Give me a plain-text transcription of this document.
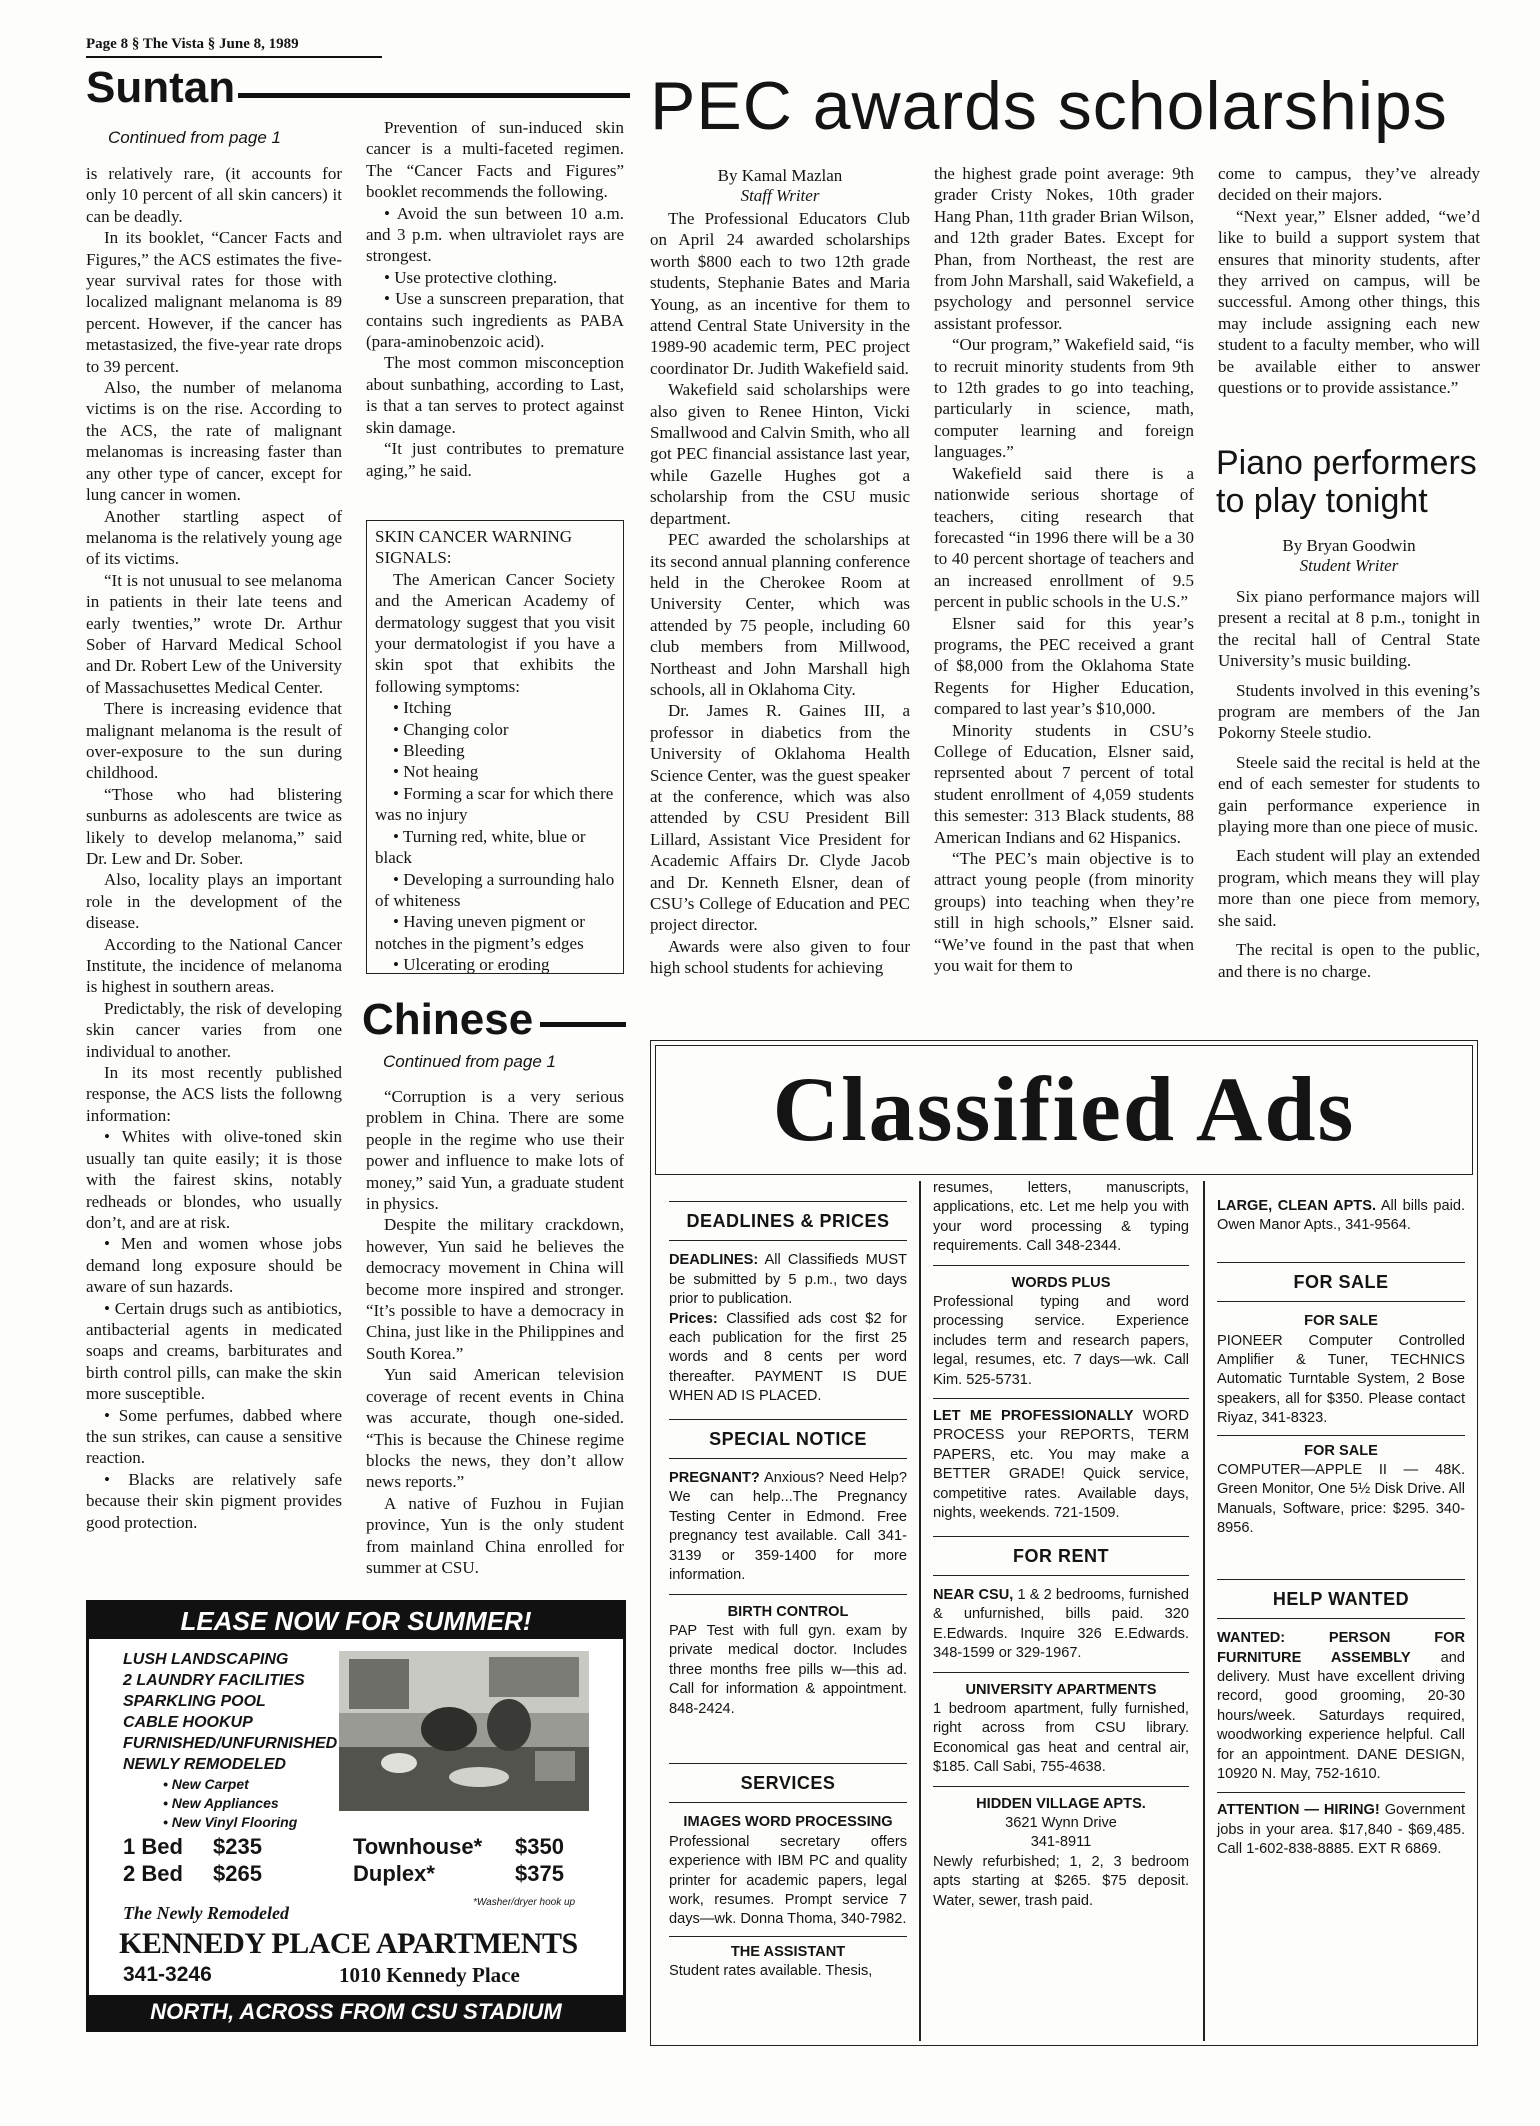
Page 8 § The Vista § June 8, 1989
Suntan
Continued from page 1

is relatively rare, (it accounts for only 10 percent of all skin cancers) it can be deadly.

In its booklet, “Cancer Facts and Figures,” the ACS estimates the five-year survival rates for those with localized malignant melanoma is 89 percent. However, if the cancer has metastasized, the five-year rate drops to 39 percent.

Also, the number of melanoma victims is on the rise. According to the ACS, the rate of malignant melanomas is increasing faster than any other type of cancer, except for lung cancer in women.

Another startling aspect of melanoma is the relatively young age of its victims.

“It is not unusual to see melanoma in patients in their late teens and early twenties,” wrote Dr. Arthur Sober of Harvard Medical School and Dr. Robert Lew of the University of Massachusettes Medical Center.

There is increasing evidence that malignant melanoma is the result of over-exposure to the sun during childhood.

“Those who had blistering sunburns as adolescents are twice as likely to develop melanoma,” said Dr. Lew and Dr. Sober.

Also, locality plays an important role in the development of the disease.

According to the National Cancer Institute, the incidence of melanoma is highest in southern areas.

Predictably, the risk of developing skin cancer varies from one individual to another.

In its most recently published response, the ACS lists the followng information:

• Whites with olive-toned skin usually tan quite easily; it is those with the fairest skins, notably redheads or blondes, who usually don’t, and are at risk.

• Men and women whose jobs demand long exposure should be aware of sun hazards.

• Certain drugs such as antibiotics, antibacterial agents in medicated soaps and creams, barbiturates and birth control pills, can make the skin more susceptible.

• Some perfumes, dabbed where the sun strikes, can cause a sensitive reaction.

• Blacks are relatively safe because their skin pigment provides good protection.

Prevention of sun-induced skin cancer is a multi-faceted regimen. The “Cancer Facts and Figures” booklet recommends the following.

• Avoid the sun between 10 a.m. and 3 p.m. when ultraviolet rays are strongest.

• Use protective clothing.

• Use a sunscreen preparation, that contains such ingredients as PABA (para-aminobenzoic acid).

The most common misconception about sunbathing, according to Last, is that a tan serves to protect against skin damage.

“It just contributes to premature aging,” he said.

SKIN CANCER WARNING SIGNALS:

The American Cancer Society and the American Academy of dermatology suggest that you visit your dermatologist if you have a skin spot that exhibits the following symptoms:

• Itching
• Changing color
• Bleeding
• Not heaing
• Forming a scar for which there was no injury
• Turning red, white, blue or black
• Developing a surrounding halo of whiteness
• Having uneven pigment or notches in the pigment’s edges
• Ulcerating or eroding
Chinese
Continued from page 1

“Corruption is a very serious problem in China. There are some people in the regime who use their power and influence to make lots of money,” said Yun, a graduate student in physics.

Despite the military crackdown, however, Yun said he believes the democracy movement in China will become more inspired and stronger. “It’s possible to have a democracy in China, just like in the Philippines and South Korea.”

Yun said American television coverage of recent events in China was accurate, though one-sided. “This is because the Chinese regime blocks the news, they don’t allow news reports.”

A native of Fuzhou in Fujian province, Yun is the only student from mainland China enrolled for summer at CSU.

PEC awards scholarships
By Kamal Mazlan
Staff Writer

The Professional Educators Club on April 24 awarded scholarships worth $800 each to two 12th grade students, Stephanie Bates and Maria Young, as an incentive for them to attend Central State University in the 1989-90 academic term, PEC project coordinator Dr. Judith Wakefield said.

Wakefield said scholarships were also given to Renee Hinton, Vicki Smallwood and Calvin Smith, who all got PEC financial assistance last year, while Gazelle Hughes got a scholarship from the CSU music department.

PEC awarded the scholarships at its second annual planning conference held in the Cherokee Room at University Center, which was attended by 75 people, including 60 club members from Millwood, Northeast and John Marshall high schools, all in Oklahoma City.

Dr. James R. Gaines III, a professor in diabetics from the University of Oklahoma Health Science Center, was the guest speaker at the conference, which was also attended by CSU President Bill Lillard, Assistant Vice President for Academic Affairs Dr. Clyde Jacob and Dr. Kenneth Elsner, dean of CSU’s College of Education and PEC project director.

Awards were also given to four high school students for achieving

the highest grade point average: 9th grader Cristy Nokes, 10th grader Hang Phan, 11th grader Brian Wilson, and 12th grader Bates. Except for Phan, from Northeast, the rest are from John Marshall, said Wakefield, a psychology and personnel service assistant professor.

“Our program,” Wakefield said, “is to recruit minority students from 9th to 12th grades to go into teaching, particularly in science, math, computer learning and foreign languages.”

Wakefield said there is a nationwide serious shortage of teachers, citing research that forecasted “in 1996 there will be a 30 to 40 percent shortage of teachers and an increased enrollment of 9.5 percent in public schools in the U.S.”

Elsner said for this year’s programs, the PEC received a grant of $8,000 from the Oklahoma State Regents for Higher Education, compared to last year’s $10,000.

Minority students in CSU’s College of Education, Elsner said, reprsented about 7 percent of total student enrollment of 4,059 students this semester: 313 Black students, 88 American Indians and 62 Hispanics.

“The PEC’s main objective is to attract young people (from minority groups) into teaching when they’re still in high schools,” Elsner said. “We’ve found in the past that when you wait for them to

come to campus, they’ve already decided on their majors.

“Next year,” Elsner added, “we’d like to build a support system that ensures that minority students, after they arrived on campus, will be successful. Among other things, this may include assigning each new student to a faculty member, who will be available either to answer questions or to provide assistance.”

Piano performers to play tonight
By Bryan Goodwin
Student Writer

Six piano performance majors will present a recital at 8 p.m., tonight in the recital hall of Central State University’s music building.

Students involved in this evening’s program are members of the Jan Pokorny Steele studio.

Steele said the recital is held at the end of each semester for students to gain performance experience in playing more than one piece of music.

Each student will play an extended program, which means they will play more than one piece from memory, she said.

The recital is open to the public, and there is no charge.

LEASE NOW FOR SUMMER!
LUSH LANDSCAPING
2 LAUNDRY FACILITIES
SPARKLING POOL
CABLE HOOKUP
FURNISHED/UNFURNISHED
NEWLY REMODELED
• New Carpet
• New Appliances
• New Vinyl Flooring
1 Bed $235
2 Bed $265
Townhouse* $350
Duplex*	$375
*Washer/dryer hook up
The Newly Remodeled
KENNEDY PLACE APARTMENTS
341-3246	1010 Kennedy Place
NORTH, ACROSS FROM CSU STADIUM
Classified Ads
DEADLINES & PRICES

DEADLINES: All Classifieds MUST be submitted by 5 p.m., two days prior to publication.

Prices: Classified ads cost $2 for each publication for the first 25 words and 8 cents per word thereafter. PAYMENT IS DUE WHEN AD IS PLACED.

SPECIAL NOTICE

PREGNANT? Anxious? Need Help? We can help...The Pregnancy Testing Center in Edmond. Free pregnancy test available. Call 341-3139 or 359-1400 for more information.

BIRTH CONTROL

PAP Test with full gyn. exam by private medical doctor. Includes three months free pills w—this ad. Call for information & appointment. 848-2424.

SERVICES
IMAGES WORD PROCESSING

Professional secretary offers experience with IBM PC and quality printer for academic papers, legal work, resumes. Prompt service 7 days—wk. Donna Thoma, 340-7982.

THE ASSISTANT

Student rates available. Thesis,

resumes, letters, manuscripts, applications, etc. Let me help you with your word processing & typing requirements. Call 348-2344.

WORDS PLUS

Professional typing and word processing service. Experience includes term and research papers, legal, resumes, etc. 7 days—wk. Call Kim. 525-5731.

LET ME PROFESSIONALLY WORD PROCESS your REPORTS, TERM PAPERS, etc. You may make a BETTER GRADE! Quick service, competitive rates. Available days, nights, weekends. 721-1509.

FOR RENT

NEAR CSU, 1 & 2 bedrooms, furnished & unfurnished, bills paid. 320 E.Edwards. Inquire 326 E.Edwards. 348-1599 or 329-1967.

UNIVERSITY APARTMENTS

1 bedroom apartment, fully furnished, right across from CSU library. Economical gas heat and central air, $185. Call Sabi, 755-4638.

HIDDEN VILLAGE APTS.
3621 Wynn Drive
341-8911

Newly refurbished; 1, 2, 3 bedroom apts starting at $265. $75 deposit. Water, sewer, trash paid.

LARGE, CLEAN APTS. All bills paid. Owen Manor Apts., 341-9564.

FOR SALE
FOR SALE

PIONEER Computer Controlled Amplifier & Tuner, TECHNICS Automatic Turntable System, 2 Bose speakers, all for $350. Please contact Riyaz, 341-8323.

FOR SALE

COMPUTER—APPLE II — 48K. Green Monitor, One 5½ Disk Drive. All Manuals, Software, price: $295. 340-8956.

HELP WANTED

WANTED: PERSON FOR FURNITURE ASSEMBLY and delivery. Must have excellent driving record, good grooming, 20-30 hours/week. Saturdays required, woodworking experience helpful. Call for an appointment. DANE DESIGN, 10920 N. May, 752-1610.

ATTENTION — HIRING! Government jobs in your area. $17,840 - $69,485. Call 1-602-838-8885. EXT R 6869.
